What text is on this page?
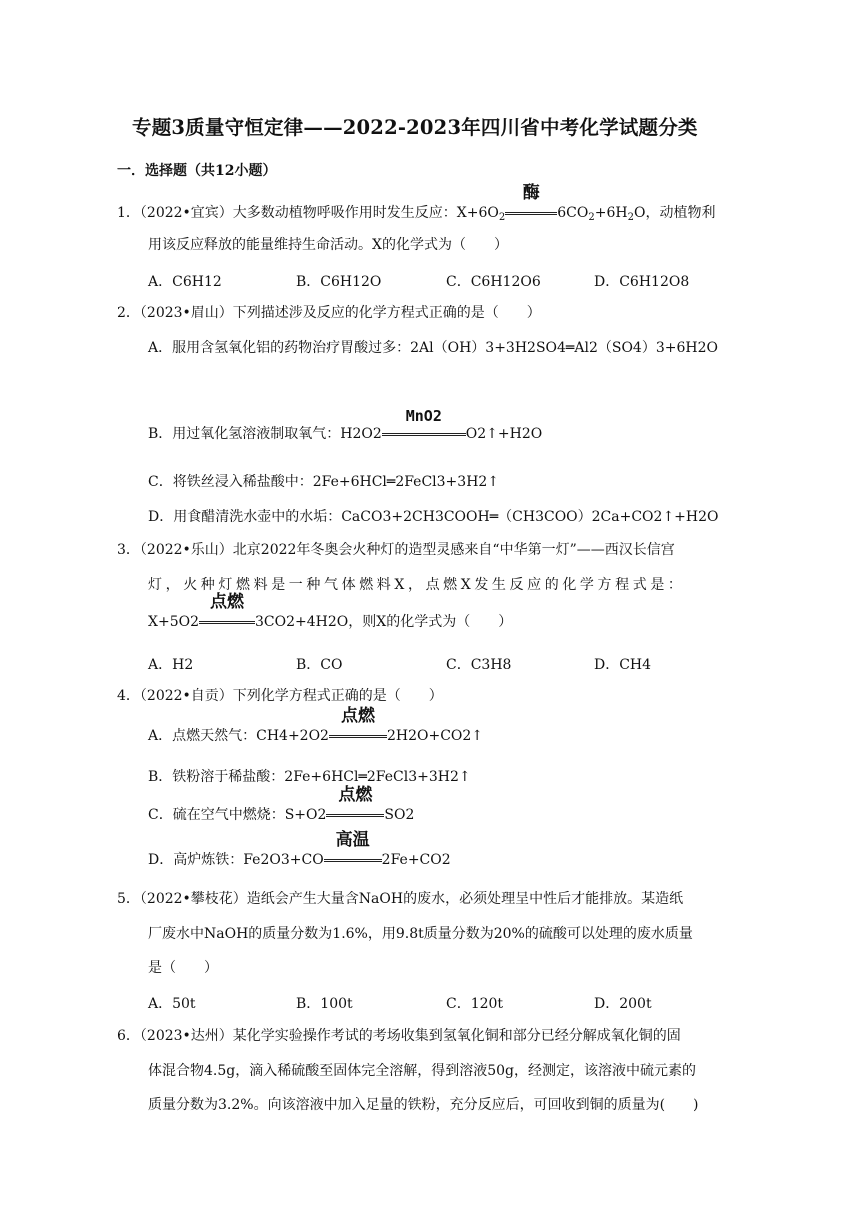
专题3质量守恒定律——2022-2023年四川省中考化学试题分类
一．选择题（共12小题）
1．（2022•宜宾）大多数动植物呼吸作用时发生反应：$X+6O_2$
酶
$6CO_2+6H_2O$，动植物利
用该反应释放的能量维持生命活动。X的化学式为（　　）
A．C6H12	B．C6H12O	C．C6H12O6	D．C6H12O8
2．（2023•眉山）下列描述涉及反应的化学方程式正确的是（　　）
A．服用含氢氧化铝的药物治疗胃酸过多：2Al（OH）3+3H2SO4═Al2（SO4）3+6H2O
B．用过氧化氢溶液制取氧气：H2O2
MnO2
O2↑+H2O
C．将铁丝浸入稀盐酸中：2Fe+6HCl═2FeCl3+3H2↑
D．用食醋清洗水壶中的水垢：CaCO3+2CH3COOH═（CH3COO）2Ca+CO2↑+H2O
3．（2022•乐山）北京2022年冬奥会火种灯的造型灵感来自“中华第一灯”——西汉长信宫
灯，火种灯燃料是一种气体燃料X，点燃X发生反应的化学方程式是：
X+5O2
点燃
3CO2+4H2O，则X的化学式为（　　）
A．H2	B．CO	C．C3H8	D．CH4
4．（2022•自贡）下列化学方程式正确的是（　　）
A．点燃天然气：CH4+2O2
点燃
2H2O+CO2↑
B．铁粉溶于稀盐酸：2Fe+6HCl═2FeCl3+3H2↑
C．硫在空气中燃烧：S+O2
点燃
SO2
D．高炉炼铁：Fe2O3+CO
高温
2Fe+CO2
5．（2022•攀枝花）造纸会产生大量含NaOH的废水，必须处理呈中性后才能排放。某造纸
厂废水中NaOH的质量分数为1.6%，用9.8t质量分数为20%的硫酸可以处理的废水质量
是（　　）
A．50t	B．100t	C．120t	D．200t
6．（2023•达州）某化学实验操作考试的考场收集到氢氧化铜和部分已经分解成氧化铜的固
体混合物4.5g，滴入稀硫酸至固体完全溶解，得到溶液50g，经测定，该溶液中硫元素的
质量分数为3.2%。向该溶液中加入足量的铁粉，充分反应后，可回收到铜的质量为(　　)
